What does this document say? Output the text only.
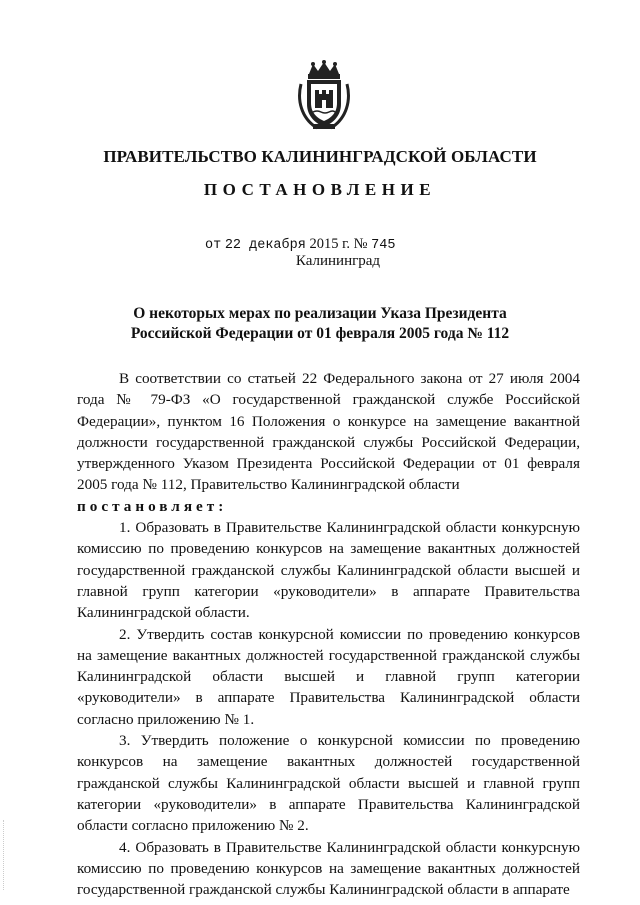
ПРАВИТЕЛЬСТВО КАЛИНИНГРАДСКОЙ ОБЛАСТИ
ПОСТАНОВЛЕНИЕ
от 22 декабря 2015 г. № 745
Калининград
О некоторых мерах по реализации Указа Президента
Российской Федерации от 01 февраля 2005 года № 112

В соответствии со статьей 22 Федерального закона от 27 июля 2004 года № 79-ФЗ «О государственной гражданской службе Российской Федерации», пунктом 16 Положения о конкурсе на замещение вакантной должности государственной гражданской службы Российской Федерации, утвержденного Указом Президента Российской Федерации от 01 февраля 2005 года № 112, Правительство Калининградской области

постановляет:

1. Образовать в Правительстве Калининградской области конкурсную комиссию по проведению конкурсов на замещение вакантных должностей государственной гражданской службы Калининградской области высшей и главной групп категории «руководители» в аппарате Правительства Калининградской области.

2. Утвердить состав конкурсной комиссии по проведению конкурсов на замещение вакантных должностей государственной гражданской службы Калининградской области высшей и главной групп категории «руководители» в аппарате Правительства Калининградской области согласно приложению № 1.

3. Утвердить положение о конкурсной комиссии по проведению конкурсов на замещение вакантных должностей государственной гражданской службы Калининградской области высшей и главной групп категории «руководители» в аппарате Правительства Калининградской области согласно приложению № 2.

4. Образовать в Правительстве Калининградской области конкурсную комиссию по проведению конкурсов на замещение вакантных должностей государственной гражданской службы Калининградской области в аппарате
